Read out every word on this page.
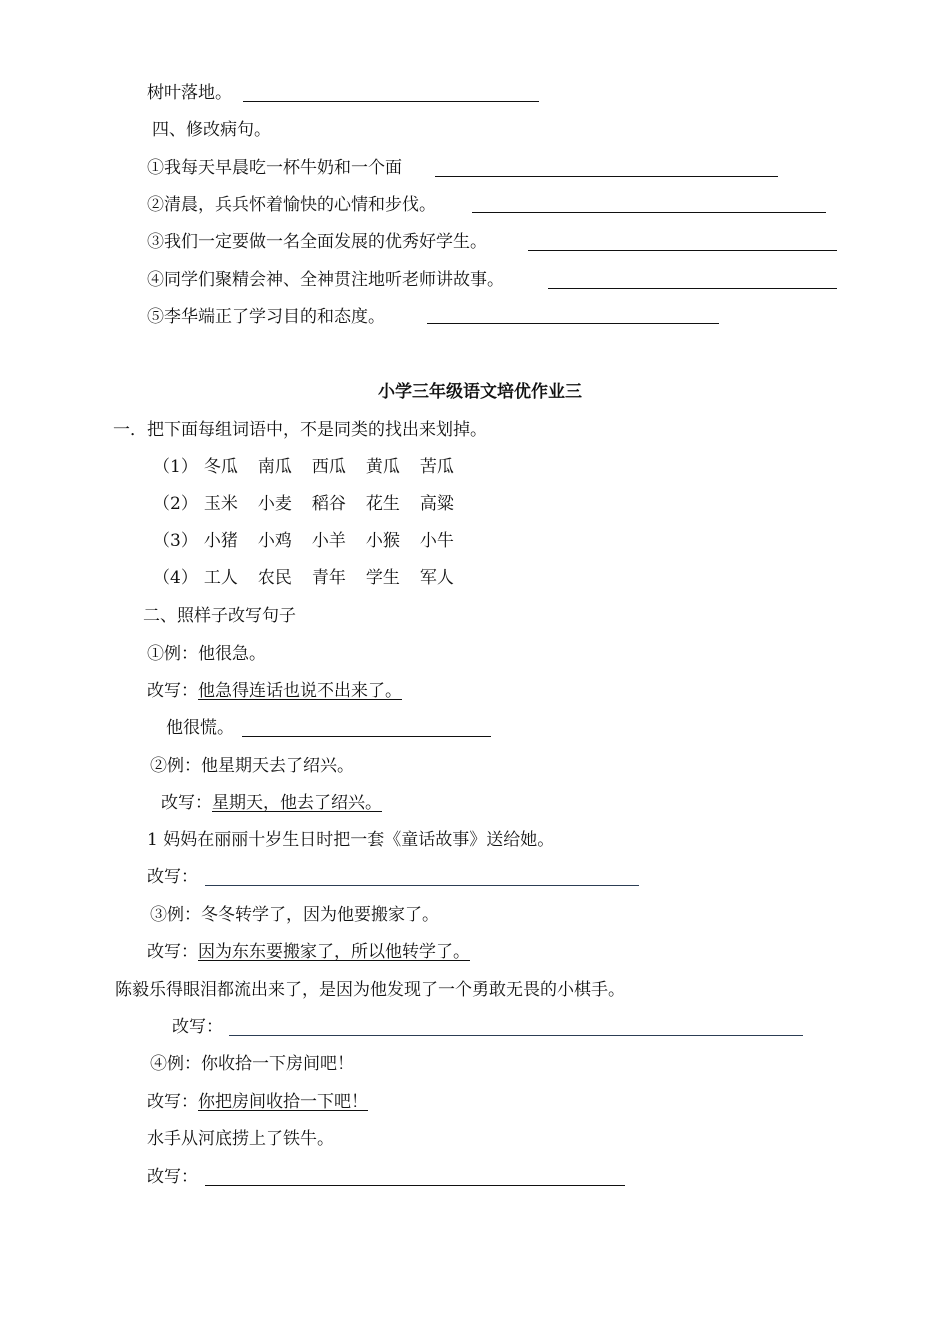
树叶落地。
四、修改病句。
①我每天早晨吃一杯牛奶和一个面
②清晨，兵兵怀着愉快的心情和步伐。
③我们一定要做一名全面发展的优秀好学生。
④同学们聚精会神、全神贯注地听老师讲故事。
⑤李华端正了学习目的和态度。
小学三年级语文培优作业三
一．把下面每组词语中，不是同类的找出来划掉。
（1） 冬瓜 南瓜 西瓜 黄瓜 苦瓜
（2） 玉米 小麦 稻谷 花生 高粱
（3） 小猪 小鸡 小羊 小猴 小牛
（4） 工人 农民 青年 学生 军人
二、照样子改写句子
①例：他很急。
改写：他急得连话也说不出来了。
他很慌。
②例：他星期天去了绍兴。
改写：星期天，他去了绍兴。
1 妈妈在丽丽十岁生日时把一套《童话故事》送给她。
改写：
③例：冬冬转学了，因为他要搬家了。
改写：因为东东要搬家了，所以他转学了。
陈毅乐得眼泪都流出来了，是因为他发现了一个勇敢无畏的小棋手。
改写：
④例：你收拾一下房间吧！
改写：你把房间收拾一下吧！
水手从河底捞上了铁牛。
改写：
